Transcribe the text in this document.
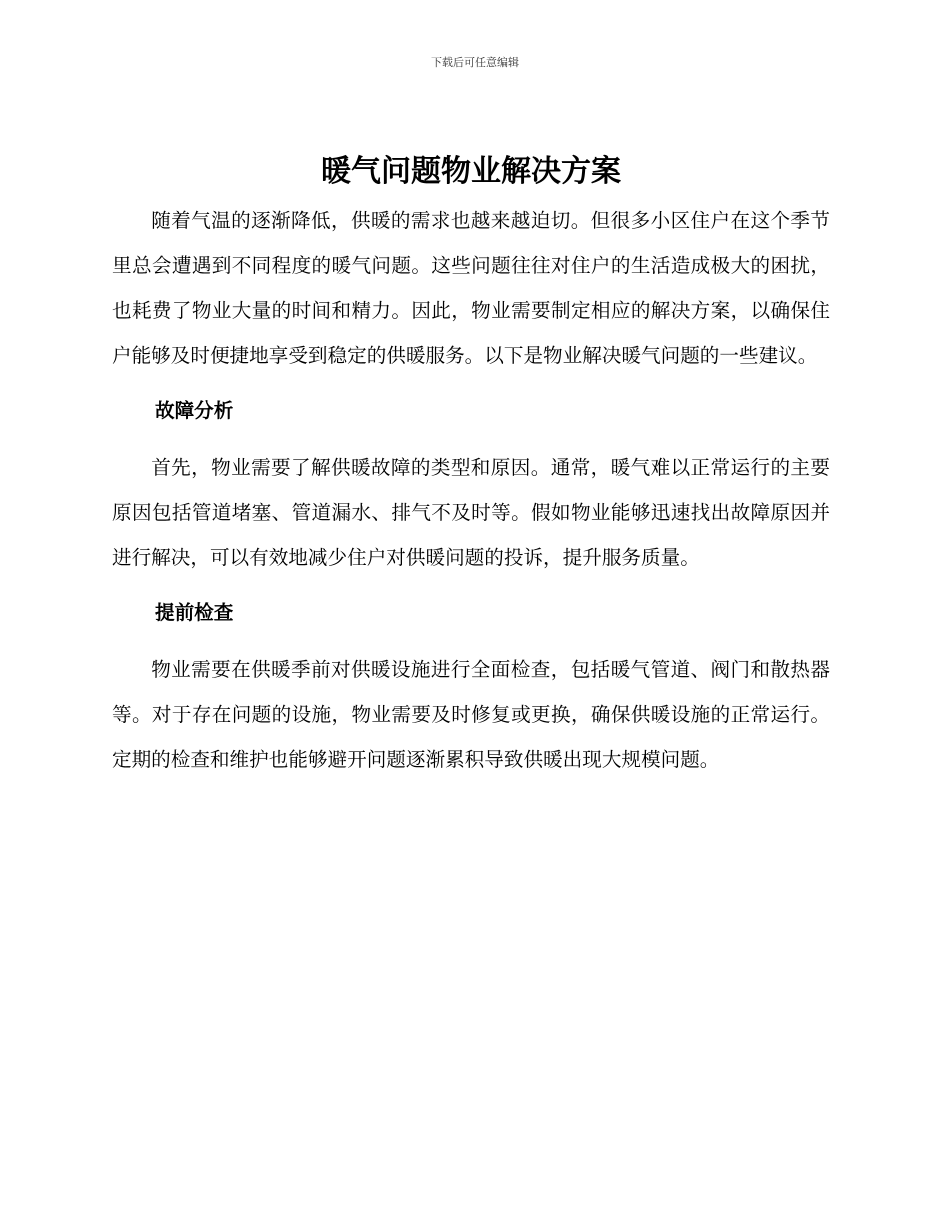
下载后可任意编辑
暖气问题物业解决方案

随着气温的逐渐降低，供暖的需求也越来越迫切。但很多小区住户在这个季节里总会遭遇到不同程度的暖气问题。这些问题往往对住户的生活造成极大的困扰，也耗费了物业大量的时间和精力。因此，物业需要制定相应的解决方案，以确保住户能够及时便捷地享受到稳定的供暖服务。以下是物业解决暖气问题的一些建议。

故障分析

首先，物业需要了解供暖故障的类型和原因。通常，暖气难以正常运行的主要原因包括管道堵塞、管道漏水、排气不及时等。假如物业能够迅速找出故障原因并进行解决，可以有效地减少住户对供暖问题的投诉，提升服务质量。

提前检查

物业需要在供暖季前对供暖设施进行全面检查，包括暖气管道、阀门和散热器等。对于存在问题的设施，物业需要及时修复或更换，确保供暖设施的正常运行。定期的检查和维护也能够避开问题逐渐累积导致供暖出现大规模问题。
